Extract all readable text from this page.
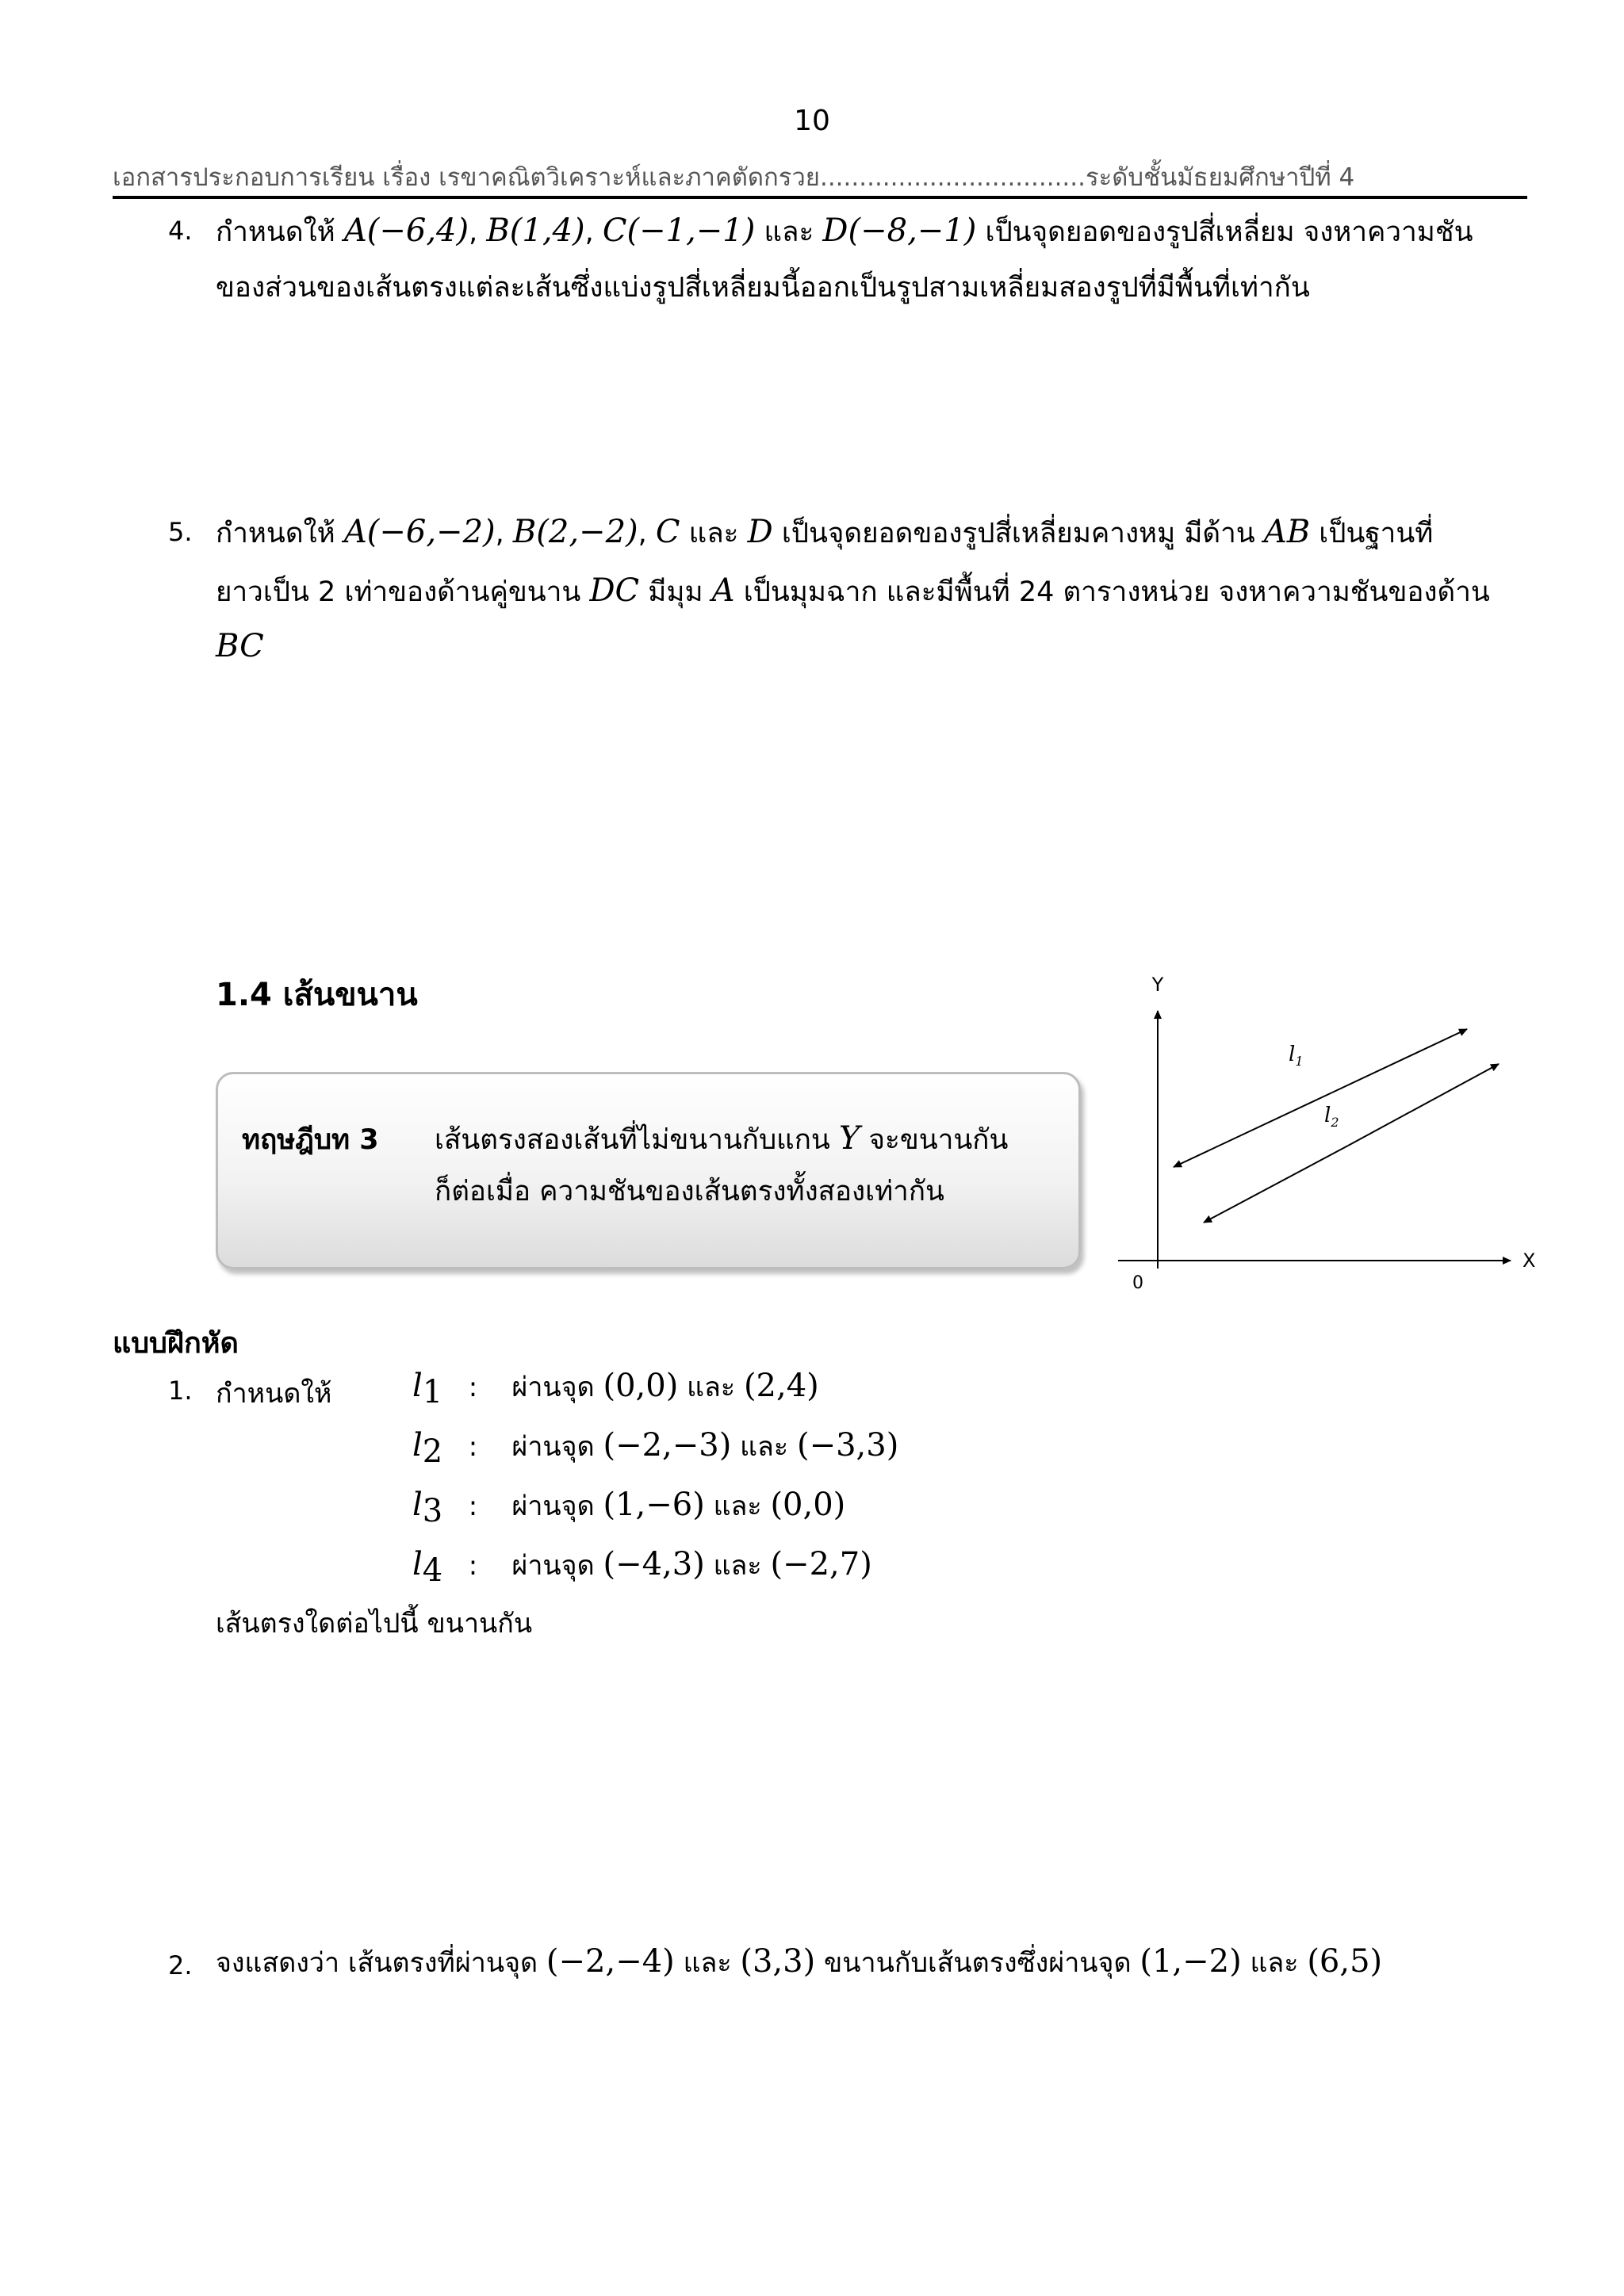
10
เอกสารประกอบการเรียน เรื่อง เรขาคณิตวิเคราะห์และภาคตัดกรวย..................................ระดับชั้นมัธยมศึกษาปีที่ 4
4. กำหนดให้ A(−6,4), B(1,4), C(−1,−1) และ D(−8,−1) เป็นจุดยอดของรูปสี่เหลี่ยม จงหาความชัน
ของส่วนของเส้นตรงแต่ละเส้นซึ่งแบ่งรูปสี่เหลี่ยมนี้ออกเป็นรูปสามเหลี่ยมสองรูปที่มีพื้นที่เท่ากัน
5. กำหนดให้ A(−6,−2), B(2,−2), C และ D เป็นจุดยอดของรูปสี่เหลี่ยมคางหมู มีด้าน AB เป็นฐานที่
ยาวเป็น 2 เท่าของด้านคู่ขนาน DC มีมุม A เป็นมุมฉาก และมีพื้นที่ 24 ตารางหน่วย จงหาความชันของด้าน
BC
1.4 เส้นขนาน
ทฤษฎีบท 3 เส้นตรงสองเส้นที่ไม่ขนานกับแกน Y จะขนานกัน
ก็ต่อเมื่อ ความชันของเส้นตรงทั้งสองเท่ากัน
Y
X
0
$l_1$
$l_2$
แบบฝึกหัด
1. กำหนดให้	$l_1$ : ผ่านจุด (0,0) และ (2,4)
$l_2$ : ผ่านจุด (−2,−3) และ (−3,3)
$l_3$ : ผ่านจุด (1,−6) และ (0,0)
$l_4$ : ผ่านจุด (−4,3) และ (−2,7)
เส้นตรงใดต่อไปนี้ ขนานกัน
2. จงแสดงว่า เส้นตรงที่ผ่านจุด (−2,−4) และ (3,3) ขนานกับเส้นตรงซึ่งผ่านจุด (1,−2) และ (6,5)
